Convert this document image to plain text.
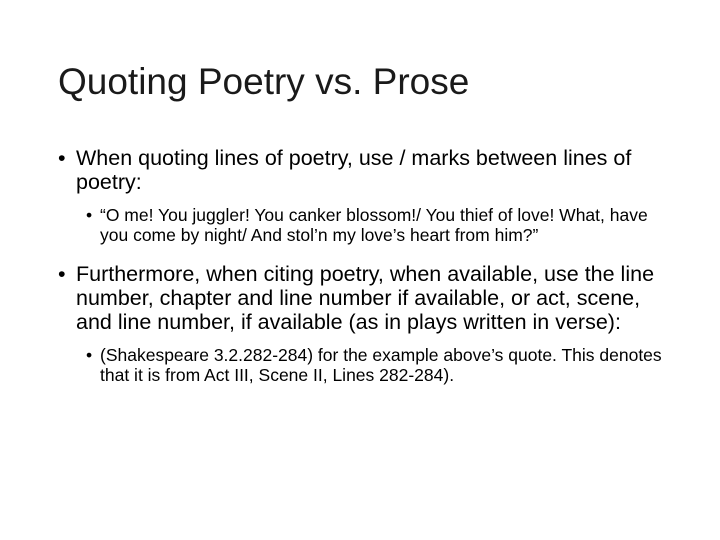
Quoting Poetry vs. Prose
• When quoting lines of poetry, use / marks between lines of poetry:
• “O me! You juggler! You canker blossom!/ You thief of love! What, have you come by night/ And stol’n my love’s heart from him?”
• Furthermore, when citing poetry, when available, use the line number, chapter and line number if available, or act, scene, and line number, if available (as in plays written in verse):
• (Shakespeare 3.2.282-284) for the example above’s quote. This denotes that it is from Act III, Scene II, Lines 282-284).
